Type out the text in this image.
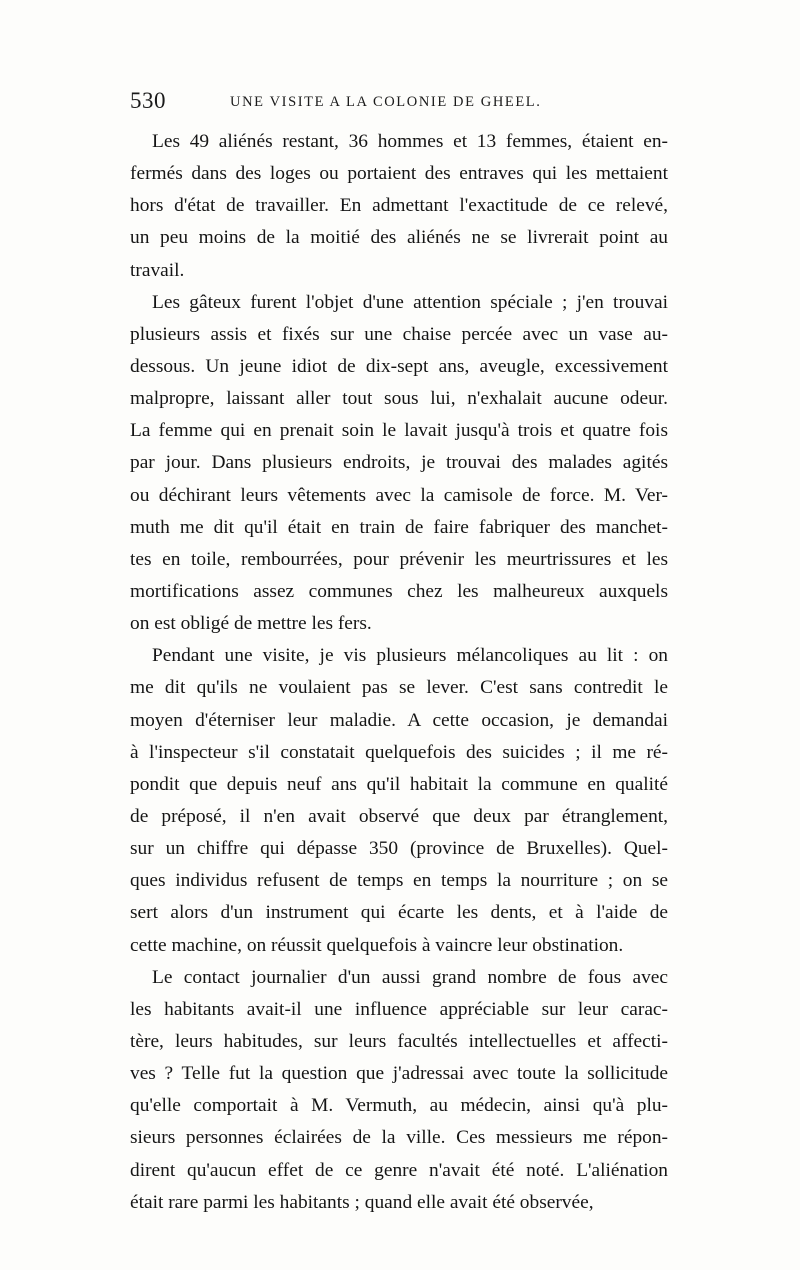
530	UNE VISITE A LA COLONIE DE GHEEL.

Les 49 aliénés restant, 36 hommes et 13 femmes, étaient en-
fermés dans des loges ou portaient des entraves qui les mettaient
hors d'état de travailler. En admettant l'exactitude de ce relevé,
un peu moins de la moitié des aliénés ne se livrerait point au
travail.

Les gâteux furent l'objet d'une attention spéciale ; j'en trouvai
plusieurs assis et fixés sur une chaise percée avec un vase au-
dessous. Un jeune idiot de dix-sept ans, aveugle, excessivement
malpropre, laissant aller tout sous lui, n'exhalait aucune odeur.
La femme qui en prenait soin le lavait jusqu'à trois et quatre fois
par jour. Dans plusieurs endroits, je trouvai des malades agités
ou déchirant leurs vêtements avec la camisole de force. M. Ver-
muth me dit qu'il était en train de faire fabriquer des manchet-
tes en toile, rembourrées, pour prévenir les meurtrissures et les
mortifications assez communes chez les malheureux auxquels
on est obligé de mettre les fers.

Pendant une visite, je vis plusieurs mélancoliques au lit : on
me dit qu'ils ne voulaient pas se lever. C'est sans contredit le
moyen d'éterniser leur maladie. A cette occasion, je demandai
à l'inspecteur s'il constatait quelquefois des suicides ; il me ré-
pondit que depuis neuf ans qu'il habitait la commune en qualité
de préposé, il n'en avait observé que deux par étranglement,
sur un chiffre qui dépasse 350 (province de Bruxelles). Quel-
ques individus refusent de temps en temps la nourriture ; on se
sert alors d'un instrument qui écarte les dents, et à l'aide de
cette machine, on réussit quelquefois à vaincre leur obstination.

Le contact journalier d'un aussi grand nombre de fous avec
les habitants avait-il une influence appréciable sur leur carac-
tère, leurs habitudes, sur leurs facultés intellectuelles et affecti-
ves ? Telle fut la question que j'adressai avec toute la sollicitude
qu'elle comportait à M. Vermuth, au médecin, ainsi qu'à plu-
sieurs personnes éclairées de la ville. Ces messieurs me répon-
dirent qu'aucun effet de ce genre n'avait été noté. L'aliénation
était rare parmi les habitants ; quand elle avait été observée,
